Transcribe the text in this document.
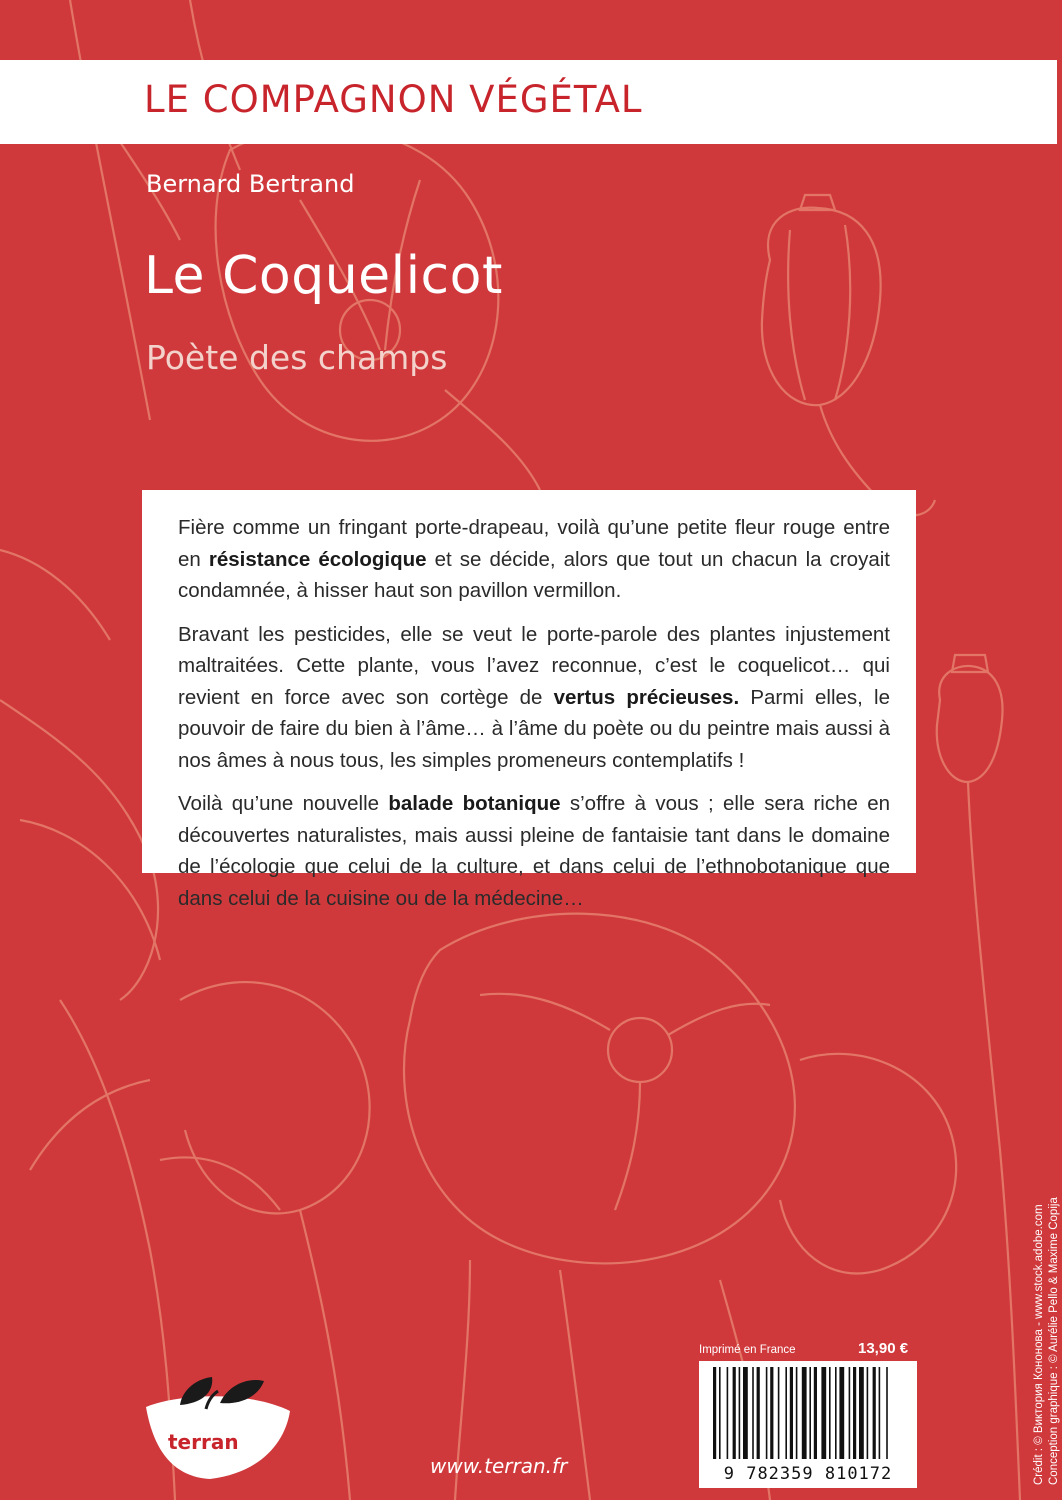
LE COMPAGNON VÉGÉTAL
Bernard Bertrand
Le Coquelicot
Poète des champs

Fière comme un fringant porte-drapeau, voilà qu’une petite fleur rouge entre en résistance écologique et se décide, alors que tout un chacun la croyait condamnée, à hisser haut son pavillon vermillon.

Bravant les pesticides, elle se veut le porte-parole des plantes injustement maltraitées. Cette plante, vous l’avez reconnue, c’est le coquelicot… qui revient en force avec son cortège de vertus précieuses. Parmi elles, le pouvoir de faire du bien à l’âme… à l’âme du poète ou du peintre mais aussi à nos âmes à nous tous, les simples promeneurs contemplatifs !

Voilà qu’une nouvelle balade botanique s’offre à vous ; elle sera riche en découvertes naturalistes, mais aussi pleine de fantaisie tant dans le domaine de l’écologie que celui de la culture, et dans celui de l’ethnobotanique que dans celui de la cuisine ou de la médecine…

terran
www.terran.fr
Imprimé en France	13,90 €
9 782359 810172	Crédit : © Виктория Кононова - www.stock.adobe.com Conception graphique : © Aurélie Pello & Maxime Copija
